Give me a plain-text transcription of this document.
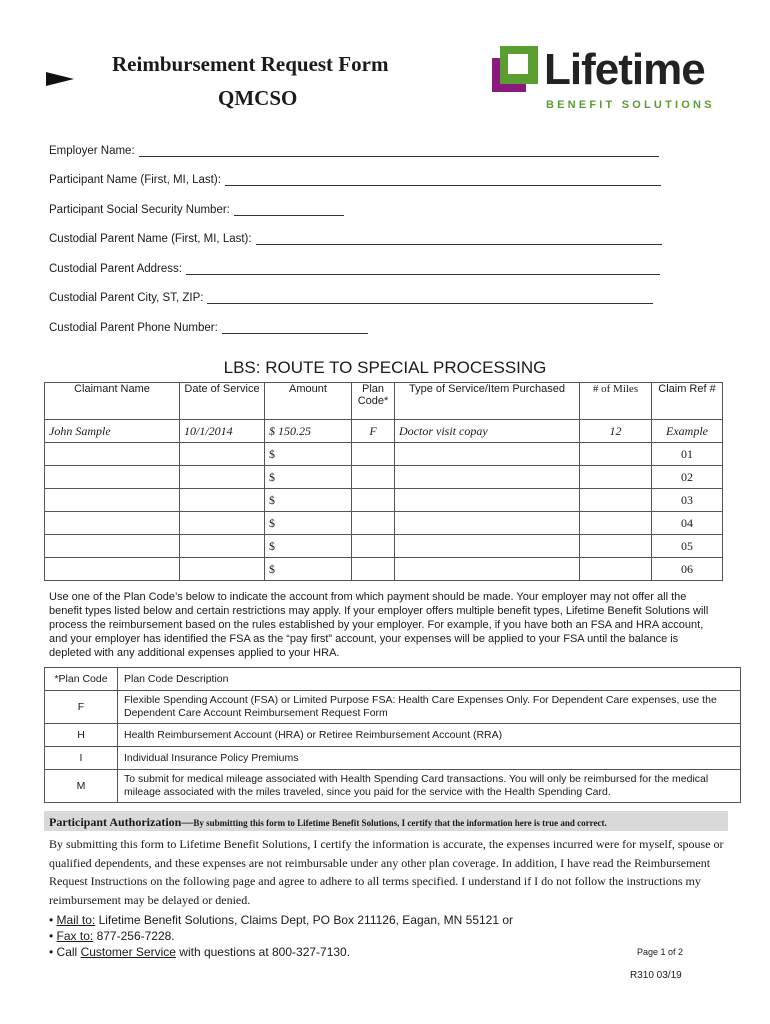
Reimbursement Request Form
QMCSO
Lifetime
BENEFIT SOLUTIONS
Employer Name:
Participant Name (First, MI, Last):
Participant Social Security Number:
Custodial Parent Name (First, MI, Last):
Custodial Parent Address:
Custodial Parent City, ST, ZIP:
Custodial Parent Phone Number:
LBS: ROUTE TO SPECIAL PROCESSING
Claimant Name	Date of Service	Amount	Plan Code*	Type of Service/Item Purchased	# of Miles	Claim Ref #
John Sample	10/1/2014	$ 150.25	F	Doctor visit copay	12	Example
		$				01
		$				02
		$				03
		$				04
		$				05
		$				06
Use one of the Plan Code’s below to indicate the account from which payment should be made. Your employer may not offer all the benefit types listed below and certain restrictions may apply. If your employer offers multiple benefit types, Lifetime Benefit Solutions will process the reimbursement based on the rules established by your employer. For example, if you have both an FSA and HRA account, and your employer has identified the FSA as the “pay first” account, your expenses will be applied to your FSA until the balance is depleted with any additional expenses applied to your HRA.
*Plan Code	Plan Code Description
F	Flexible Spending Account (FSA) or Limited Purpose FSA: Health Care Expenses Only. For Dependent Care expenses, use the Dependent Care Account Reimbursement Request Form
H	Health Reimbursement Account (HRA) or Retiree Reimbursement Account (RRA)
I	Individual Insurance Policy Premiums
M	To submit for medical mileage associated with Health Spending Card transactions. You will only be reimbursed for the medical mileage associated with the miles traveled, since you paid for the service with the Health Spending Card.
Participant Authorization—By submitting this form to Lifetime Benefit Solutions, I certify that the information here is true and correct.
By submitting this form to Lifetime Benefit Solutions, I certify the information is accurate, the expenses incurred were for myself, spouse or qualified dependents, and these expenses are not reimbursable under any other plan coverage. In addition, I have read the Reimbursement Request Instructions on the following page and agree to adhere to all terms specified. I understand if I do not follow the instructions my reimbursement may be delayed or denied.
• Mail to: Lifetime Benefit Solutions, Claims Dept, PO Box 211126, Eagan, MN 55121 or
• Fax to: 877-256-7228.
• Call Customer Service with questions at 800-327-7130.	Page 1 of 2
R310 03/19
